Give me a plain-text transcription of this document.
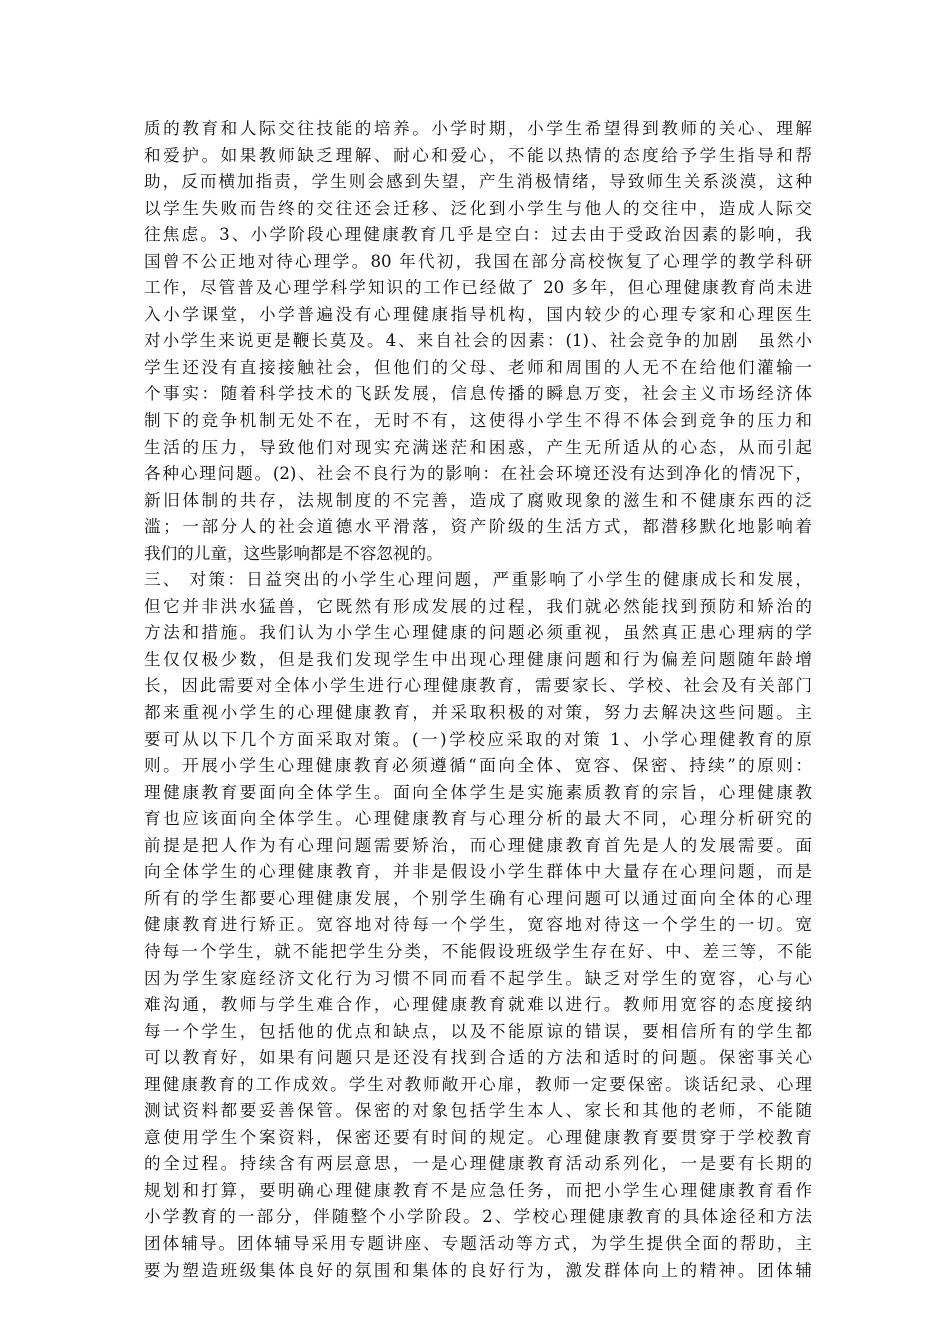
质的教育和人际交往技能的培养。小学时期，小学生希望得到教师的关心、理解
和爱护。如果教师缺乏理解、耐心和爱心，不能以热情的态度给予学生指导和帮
助，反而横加指责，学生则会感到失望，产生消极情绪，导致师生关系淡漠，这种
以学生失败而告终的交往还会迁移、泛化到小学生与他人的交往中，造成人际交
往焦虑。3、小学阶段心理健康教育几乎是空白：过去由于受政治因素的影响，我
国曾不公正地对待心理学。80 年代初，我国在部分高校恢复了心理学的教学科研
工作，尽管普及心理学科学知识的工作已经做了 20 多年，但心理健康教育尚未进
入小学课堂，小学普遍没有心理健康指导机构，国内较少的心理专家和心理医生
对小学生来说更是鞭长莫及。4、来自社会的因素：(1)、社会竞争的加剧　虽然小
学生还没有直接接触社会，但他们的父母、老师和周围的人无不在给他们灌输一
个事实：随着科学技术的飞跃发展，信息传播的瞬息万变，社会主义市场经济体
制下的竞争机制无处不在，无时不有，这使得小学生不得不体会到竞争的压力和
生活的压力，导致他们对现实充满迷茫和困惑，产生无所适从的心态，从而引起
各种心理问题。(2)、社会不良行为的影响：在社会环境还没有达到净化的情况下，
新旧体制的共存，法规制度的不完善，造成了腐败现象的滋生和不健康东西的泛
滥；一部分人的社会道德水平滑落，资产阶级的生活方式，都潜移默化地影响着
我们的儿童，这些影响都是不容忽视的。
三、 对策：日益突出的小学生心理问题，严重影响了小学生的健康成长和发展，
但它并非洪水猛兽，它既然有形成发展的过程，我们就必然能找到预防和矫治的
方法和措施。我们认为小学生心理健康的问题必须重视，虽然真正患心理病的学
生仅仅极少数，但是我们发现学生中出现心理健康问题和行为偏差问题随年龄增
长，因此需要对全体小学生进行心理健康教育，需要家长、学校、社会及有关部门
都来重视小学生的心理健康教育，并采取积极的对策，努力去解决这些问题。主
要可从以下几个方面采取对策。(一)学校应采取的对策 1、小学心理健教育的原
则。开展小学生心理健康教育必须遵循“面向全体、宽容、保密、持续”的原则：
理健康教育要面向全体学生。面向全体学生是实施素质教育的宗旨，心理健康教
育也应该面向全体学生。心理健康教育与心理分析的最大不同，心理分析研究的
前提是把人作为有心理问题需要矫治，而心理健康教育首先是人的发展需要。面
向全体学生的心理健康教育，并非是假设小学生群体中大量存在心理问题，而是
所有的学生都要心理健康发展，个别学生确有心理问题可以通过面向全体的心理
健康教育进行矫正。宽容地对待每一个学生，宽容地对待这一个学生的一切。宽
待每一个学生，就不能把学生分类，不能假设班级学生存在好、中、差三等，不能
因为学生家庭经济文化行为习惯不同而看不起学生。缺乏对学生的宽容，心与心
难沟通，教师与学生难合作，心理健康教育就难以进行。教师用宽容的态度接纳
每一个学生，包括他的优点和缺点，以及不能原谅的错误，要相信所有的学生都
可以教育好，如果有问题只是还没有找到合适的方法和适时的问题。保密事关心
理健康教育的工作成效。学生对教师敞开心扉，教师一定要保密。谈话纪录、心理
测试资料都要妥善保管。保密的对象包括学生本人、家长和其他的老师，不能随
意使用学生个案资料，保密还要有时间的规定。心理健康教育要贯穿于学校教育
的全过程。持续含有两层意思，一是心理健康教育活动系列化，一是要有长期的
规划和打算，要明确心理健康教育不是应急任务，而把小学生心理健康教育看作
小学教育的一部分，伴随整个小学阶段。2、学校心理健康教育的具体途径和方法
团体辅导。团体辅导采用专题讲座、专题活动等方式，为学生提供全面的帮助，主
要为塑造班级集体良好的氛围和集体的良好行为，激发群体向上的精神。团体辅
